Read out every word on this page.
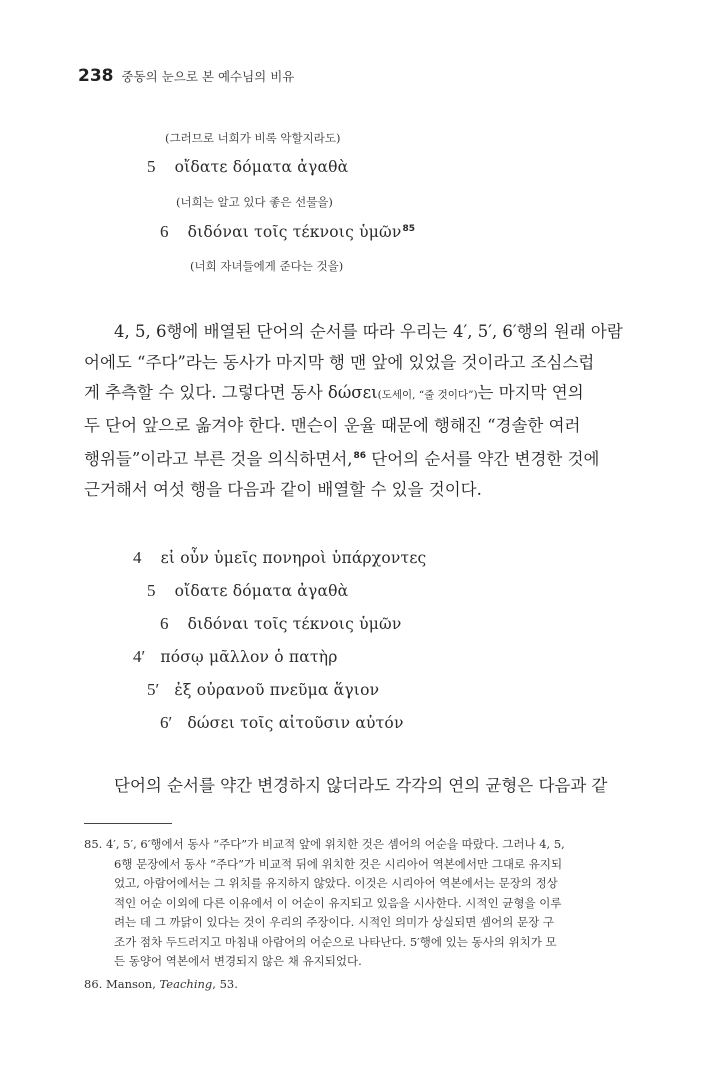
238 중동의 눈으로 본 예수님의 비유
(그러므로 너희가 비록 악할지라도)
5 οἴδατε δόματα ἀγαθὰ
(너희는 알고 있다 좋은 선물을)
6 διδόναι τοῖς τέκνοις ὑμῶν$^{85}$
(너희 자녀들에게 준다는 것을)

4, 5, 6행에 배열된 단어의 순서를 따라 우리는 4′, 5′, 6′행의 원래 아람

어에도 “주다”라는 동사가 마지막 행 맨 앞에 있었을 것이라고 조심스럽

게 추측할 수 있다. 그렇다면 동사 δώσει(도세이, “줄 것이다”)는 마지막 연의

두 단어 앞으로 옮겨야 한다. 맨슨이 운율 때문에 행해진 “경솔한 여러

행위들”이라고 부른 것을 의식하면서,$^{86}$ 단어의 순서를 약간 변경한 것에

근거해서 여섯 행을 다음과 같이 배열할 수 있을 것이다.

4 εἰ οὖν ὑμεῖς πονηροὶ ὑπάρχοντες
5 οἴδατε δόματα ἀγαθὰ
6 διδόναι τοῖς τέκνοις ὑμῶν
4′ πόσῳ μᾶλλον ὁ πατὴρ
5′ ἐξ οὐρανοῦ πνεῦμα ἅγιον
6′ δώσει τοῖς αἰτοῦσιν αὐτόν

단어의 순서를 약간 변경하지 않더라도 각각의 연의 균형은 다음과 같

85. 4′, 5′, 6′행에서 동사 “주다”가 비교적 앞에 위치한 것은 셈어의 어순을 따랐다. 그러나 4, 5,

6행 문장에서 동사 “주다”가 비교적 뒤에 위치한 것은 시리아어 역본에서만 그대로 유지되

었고, 아람어에서는 그 위치를 유지하지 않았다. 이것은 시리아어 역본에서는 문장의 정상

적인 어순 이외에 다른 이유에서 이 어순이 유지되고 있음을 시사한다. 시적인 균형을 이루

려는 데 그 까닭이 있다는 것이 우리의 주장이다. 시적인 의미가 상실되면 셈어의 문장 구

조가 점차 두드러지고 마침내 아람어의 어순으로 나타난다. 5′행에 있는 동사의 위치가 모

든 동양어 역본에서 변경되지 않은 채 유지되었다.

86. Manson, Teaching, 53.
